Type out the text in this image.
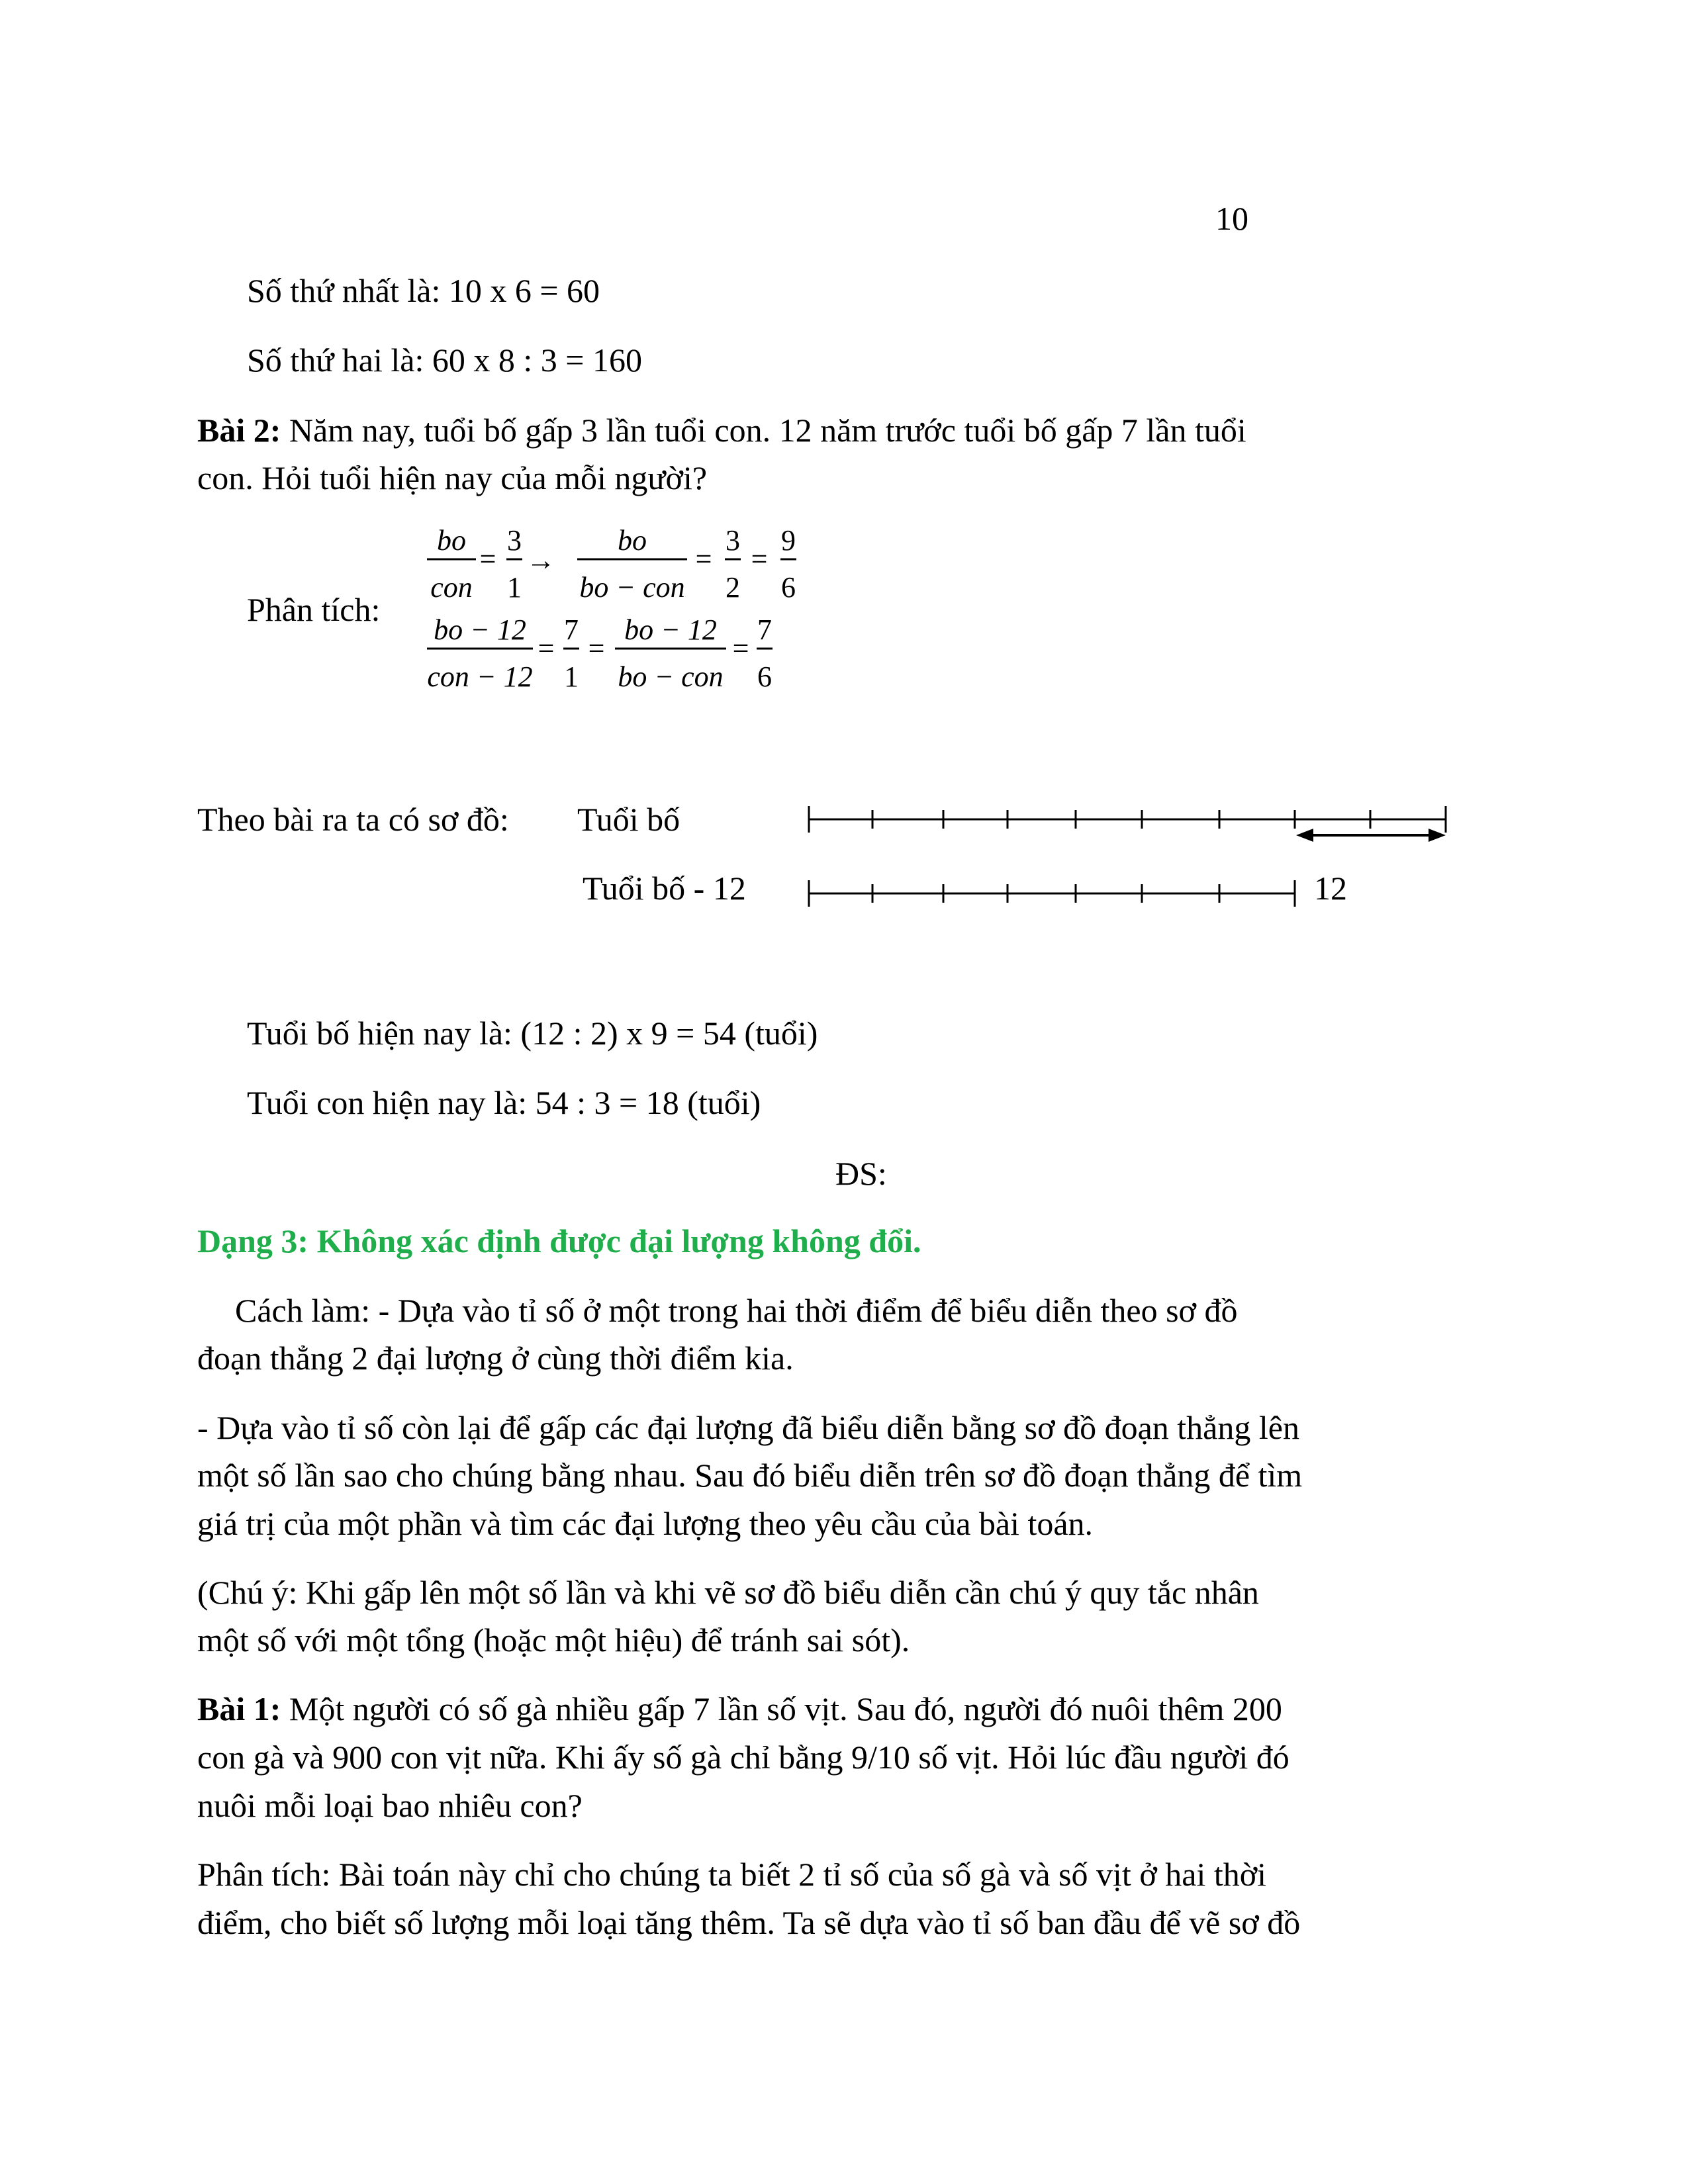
10
Số thứ nhất là: 10 x 6 = 60
Số thứ hai là: 60 x 8 : 3 = 160
Bài 2: Năm nay, tuổi bố gấp 3 lần tuổi con. 12 năm trước tuổi bố gấp 7 lần tuổi
con. Hỏi tuổi hiện nay của mỗi người?
Phân tích:
bo
con
=
3
1
→
bo
bo − con
=
3
2
=
9
6
bo − 12
con − 12
=
7
1
=
bo − 12
bo − con
=
7
6
Theo bài ra ta có sơ đồ: Tuổi bố
Tuổi bố - 12	12
Tuổi bố hiện nay là: (12 : 2) x 9 = 54 (tuổi)
Tuổi con hiện nay là: 54 : 3 = 18 (tuổi)
ĐS:
Dạng 3: Không xác định được đại lượng không đổi.
Cách làm: - Dựa vào tỉ số ở một trong hai thời điểm để biểu diễn theo sơ đồ
đoạn thẳng 2 đại lượng ở cùng thời điểm kia.
- Dựa vào tỉ số còn lại để gấp các đại lượng đã biểu diễn bằng sơ đồ đoạn thẳng lên
một số lần sao cho chúng bằng nhau. Sau đó biểu diễn trên sơ đồ đoạn thẳng để tìm
giá trị của một phần và tìm các đại lượng theo yêu cầu của bài toán.
(Chú ý: Khi gấp lên một số lần và khi vẽ sơ đồ biểu diễn cần chú ý quy tắc nhân
một số với một tổng (hoặc một hiệu) để tránh sai sót).
Bài 1: Một người có số gà nhiều gấp 7 lần số vịt. Sau đó, người đó nuôi thêm 200
con gà và 900 con vịt nữa. Khi ấy số gà chỉ bằng 9/10 số vịt. Hỏi lúc đầu người đó
nuôi mỗi loại bao nhiêu con?
Phân tích: Bài toán này chỉ cho chúng ta biết 2 tỉ số của số gà và số vịt ở hai thời
điểm, cho biết số lượng mỗi loại tăng thêm. Ta sẽ dựa vào tỉ số ban đầu để vẽ sơ đồ
